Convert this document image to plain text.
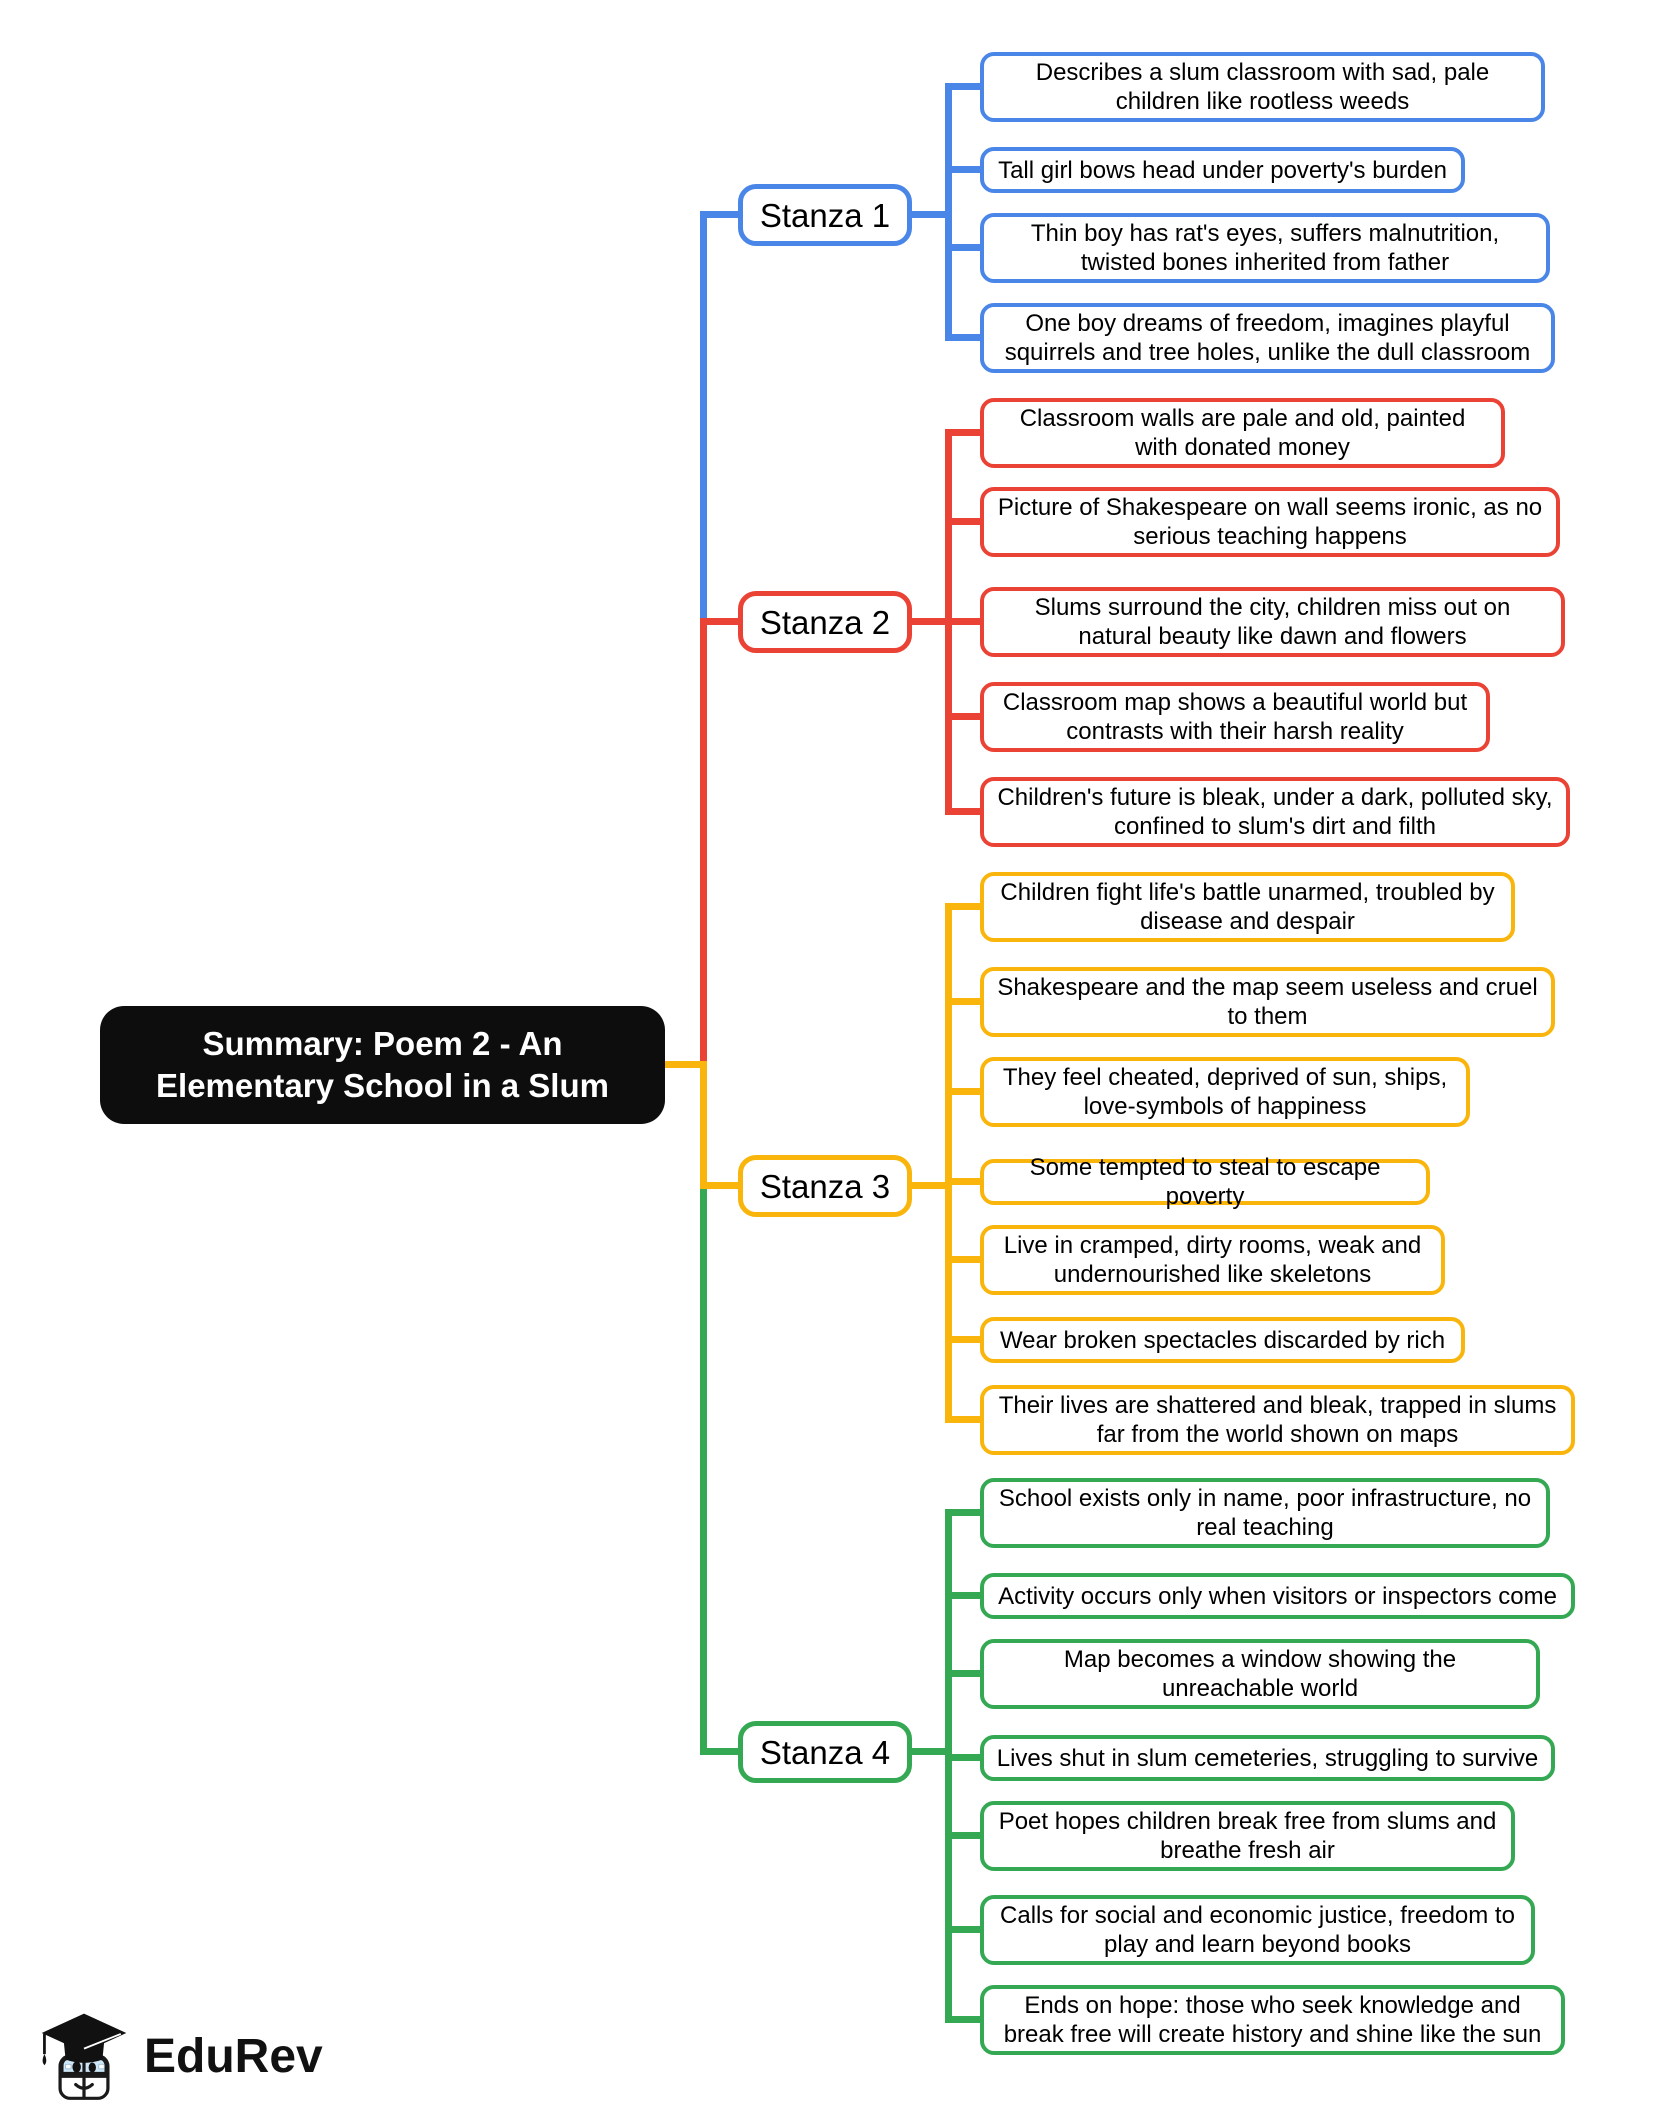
Summary: Poem 2 - An Elementary School in a Slum
Stanza 1
Stanza 2
Stanza 3
Stanza 4
Describes a slum classroom with sad, pale children like rootless weeds
Tall girl bows head under poverty's burden
Thin boy has rat's eyes, suffers malnutrition, twisted bones inherited from father
One boy dreams of freedom, imagines playful squirrels and tree holes, unlike the dull classroom
Classroom walls are pale and old, painted with donated money
Picture of Shakespeare on wall seems ironic, as no serious teaching happens
Slums surround the city, children miss out on natural beauty like dawn and flowers
Classroom map shows a beautiful world but contrasts with their harsh reality
Children's future is bleak, under a dark, polluted sky, confined to slum's dirt and filth
Children fight life's battle unarmed, troubled by disease and despair
Shakespeare and the map seem useless and cruel to them
They feel cheated, deprived of sun, ships, love-symbols of happiness
Some tempted to steal to escape poverty
Live in cramped, dirty rooms, weak and undernourished like skeletons
Wear broken spectacles discarded by rich
Their lives are shattered and bleak, trapped in slums far from the world shown on maps
School exists only in name, poor infrastructure, no real teaching
Activity occurs only when visitors or inspectors come
Map becomes a window showing the unreachable world
Lives shut in slum cemeteries, struggling to survive
Poet hopes children break free from slums and breathe fresh air
Calls for social and economic justice, freedom to play and learn beyond books
Ends on hope: those who seek knowledge and break free will create history and shine like the sun
EduRev
